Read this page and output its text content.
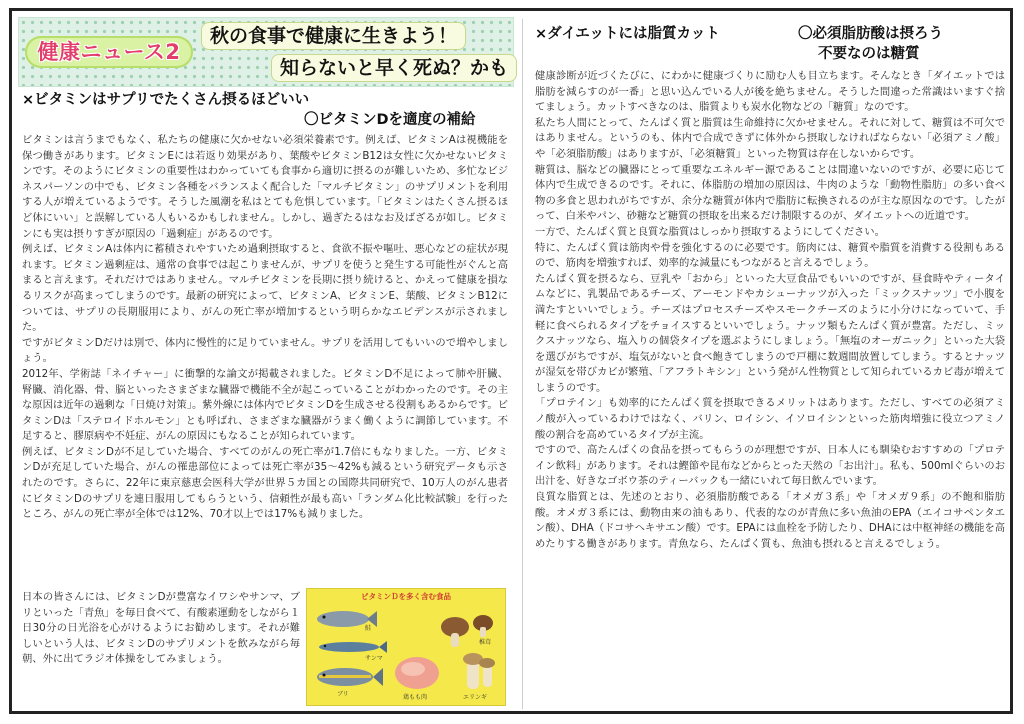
健康ニュース2
秋の食事で健康に生きよう！
知らないと早く死ぬ？かも
×ビタミンはサプリでたくさん摂るほどいい
〇ビタミンDを適度の補給

ビタミンは言うまでもなく、私たちの健康に欠かせない必須栄養素です。例えば、ビタミンAは視機能を保つ働きがあります。ビタミンEには若返り効果があり、葉酸やビタミンB12は女性に欠かせないビタミンです。そのようにビタミンの重要性はわかっていても食事から適切に摂るのが難しいため、多忙なビジネスパーソンの中でも、ビタミン各種をバランスよく配合した「マルチビタミン」のサプリメントを利用する人が増えているようです。そうした風潮を私はとても危惧しています。「ビタミンはたくさん摂るほど体にいい」と誤解している人もいるかもしれません。しかし、過ぎたるはなお及ばざるが如し。ビタミンにも実は摂りすぎが原因の「過剰症」があるのです。

例えば、ビタミンAは体内に蓄積されやすいため過剰摂取すると、食欲不振や嘔吐、悪心などの症状が現れます。ビタミン過剰症は、通常の食事では起こりませんが、サプリを使うと発生する可能性がぐんと高まると言えます。それだけではありません。マルチビタミンを長期に摂り続けると、かえって健康を損なるリスクが高まってしまうのです。最新の研究によって、ビタミンA、ビタミンE、葉酸、ビタミンB12については、サプリの長期服用により、がんの死亡率が増加するという明らかなエビデンスが示されました。

ですがビタミンDだけは別で、体内に慢性的に足りていません。サプリを活用してもいいので増やしましょう。

2012年、学術誌「ネイチャー」に衝撃的な論文が掲載されました。ビタミンD不足によって肺や肝臓、腎臓、消化器、骨、脳といったさまざまな臓器で機能不全が起こっていることがわかったのです。その主な原因は近年の過剰な「日焼け対策」。紫外線には体内でビタミンDを生成させる役割もあるからです。ビタミンDは「ステロイドホルモン」とも呼ばれ、さまざまな臓器がうまく働くように調節しています。不足すると、膠原病や不妊症、がんの原因にもなることが知られています。

例えば、ビタミンDが不足していた場合、すべてのがんの死亡率が1.7倍にもなりました。一方、ビタミンDが充足していた場合、がんの罹患部位によっては死亡率が35〜42%も減るという研究データも示されたのです。さらに、22年に東京慈恵会医科大学が世界５カ国との国際共同研究で、10万人のがん患者にビタミンDのサプリを連日服用してもらうという、信頼性が最も高い「ランダム化比較試験」を行ったところ、がんの死亡率が全体では12%、70才以上では17%も減りました。

日本の皆さんには、ビタミンDが豊富なイワシやサンマ、ブリといった「青魚」を毎日食べて、有酸素運動をしながら１日30分の日光浴を心がけるようにお勧めします。それが難しいという人は、ビタミンDのサプリメントを飲みながら毎朝、外に出てラジオ体操をしてみましょう。

ビタミンＤを多く含む食品
鮭
サンマ
ブリ	鶏もも肉
椎茸
エリンギ
×ダイエットには脂質カット	〇必須脂肪酸は摂ろう
不要なのは糖質

健康診断が近づくたびに、にわかに健康づくりに励む人も目立ちます。そんなとき「ダイエットでは脂肪を減らすのが一番」と思い込んでいる人が後を絶ちません。そうした間違った常識はいますぐ捨てましょう。カットすべきなのは、脂質よりも炭水化物などの「糖質」なのです。

私たち人間にとって、たんぱく質と脂質は生命維持に欠かせません。それに対して、糖質は不可欠ではありません。というのも、体内で合成できずに体外から摂取しなければならない「必須アミノ酸」や「必須脂肪酸」はありますが、「必須糖質」といった物質は存在しないからです。

糖質は、脳などの臓器にとって重要なエネルギー源であることは間違いないのですが、必要に応じて体内で生成できるのです。それに、体脂肪の増加の原因は、牛肉のような「動物性脂肪」の多い食べ物の多食と思われがちですが、余分な糖質が体内で脂肪に転換されるのが主な原因なのです。したがって、白米やパン、砂糖など糖質の摂取を出来るだけ制限するのが、ダイエットへの近道です。

一方で、たんぱく質と良質な脂質はしっかり摂取するようにしてください。

特に、たんぱく質は筋肉や骨を強化するのに必要です。筋肉には、糖質や脂質を消費する役割もあるので、筋肉を増強すれば、効率的な減量にもつながると言えるでしょう。

たんぱく質を摂るなら、豆乳や「おから」といった大豆食品でもいいのですが、昼食時やティータイムなどに、乳製品であるチーズ、アーモンドやカシューナッツが入った「ミックスナッツ」で小腹を満たすといいでしょう。チーズはプロセスチーズやスモークチーズのように小分けになっていて、手軽に食べられるタイプをチョイスするといいでしょう。ナッツ類もたんぱく質が豊富。ただし、ミックスナッツなら、塩入りの個袋タイプを選ぶようにしましょう。「無塩のオーガニック」といった大袋を選びがちですが、塩気がないと食べ飽きてしまうので戸棚に数週間放置してしまう。するとナッツが湿気を帯びカビが繁殖、「アフラトキシン」という発がん性物質として知られているカビ毒が増えてしまうのです。

「プロテイン」も効率的にたんぱく質を摂取できるメリットはあります。ただし、すべての必須アミノ酸が入っているわけではなく、バリン、ロイシン、イソロイシンといった筋肉増強に役立つアミノ酸の割合を高めているタイプが主流。

ですので、高たんぱくの食品を摂ってもらうのが理想ですが、日本人にも馴染むおすすめの「プロテイン飲料」があります。それは鰹節や昆布などからとった天然の「お出汁」。私も、500mlぐらいのお出汁を、好きなゴボウ茶のティーバックも一緒にいれて毎日飲んでいます。

良質な脂質とは、先述のとおり、必須脂肪酸である「オメガ３系」や「オメガ９系」の不飽和脂肪酸。オメガ３系には、動物由来の油もあり、代表的なのが青魚に多い魚油のEPA（エイコサペンタエン酸）、DHA（ドコサヘキサエン酸）です。EPAには血栓を予防したり、DHAには中枢神経の機能を高めたりする働きがあります。青魚なら、たんぱく質も、魚油も摂れると言えるでしょう。
